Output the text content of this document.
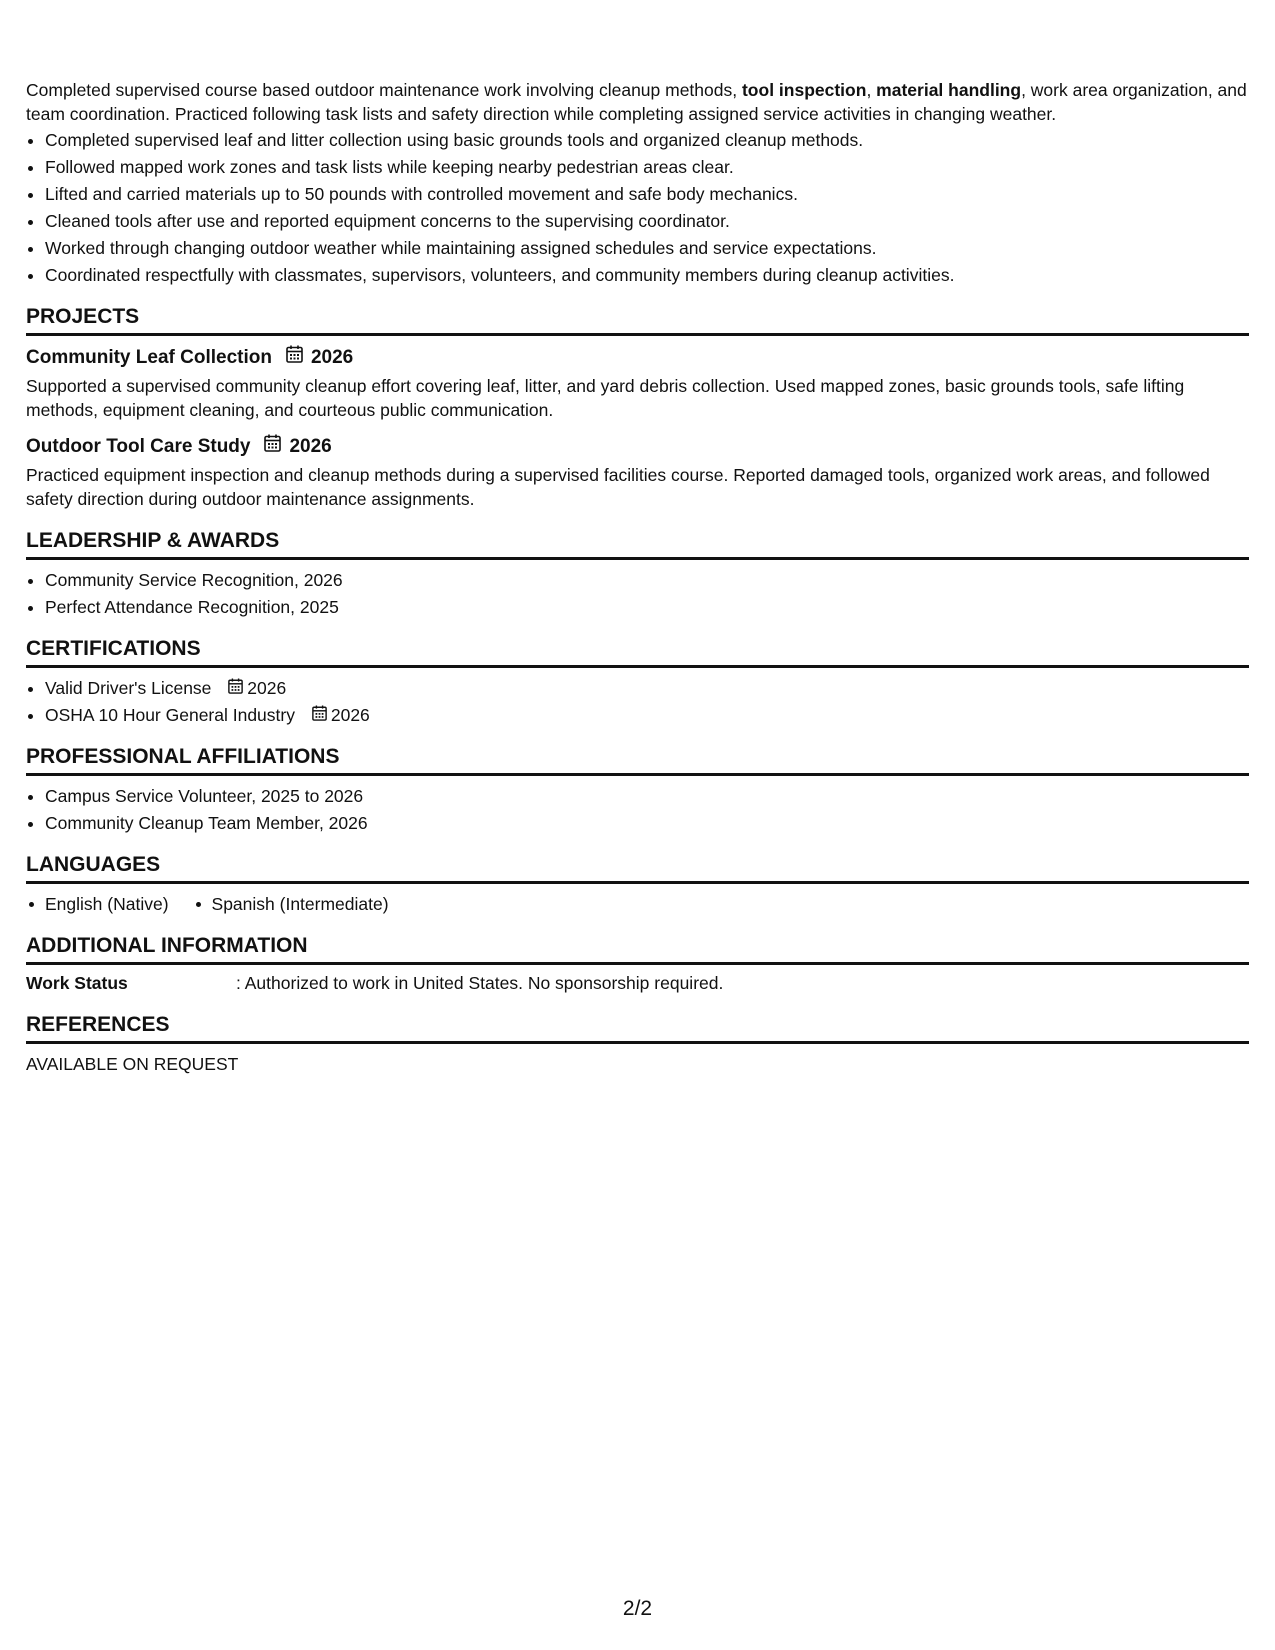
Completed supervised course based outdoor maintenance work involving cleanup methods, tool inspection, material handling, work area organization, and team coordination. Practiced following task lists and safety direction while completing assigned service activities in changing weather.

• Completed supervised leaf and litter collection using basic grounds tools and organized cleanup methods.
• Followed mapped work zones and task lists while keeping nearby pedestrian areas clear.
• Lifted and carried materials up to 50 pounds with controlled movement and safe body mechanics.
• Cleaned tools after use and reported equipment concerns to the supervising coordinator.
• Worked through changing outdoor weather while maintaining assigned schedules and service expectations.
• Coordinated respectfully with classmates, supervisors, volunteers, and community members during cleanup activities.
PROJECTS
Community Leaf Collection 2026
Supported a supervised community cleanup effort covering leaf, litter, and yard debris collection. Used mapped zones, basic grounds tools, safe lifting methods, equipment cleaning, and courteous public communication.
Outdoor Tool Care Study 2026
Practiced equipment inspection and cleanup methods during a supervised facilities course. Reported damaged tools, organized work areas, and followed safety direction during outdoor maintenance assignments.
LEADERSHIP & AWARDS
• Community Service Recognition, 2026
• Perfect Attendance Recognition, 2025
CERTIFICATIONS
• Valid Driver's License 2026
• OSHA 10 Hour General Industry 2026
PROFESSIONAL AFFILIATIONS
• Campus Service Volunteer, 2025 to 2026
• Community Cleanup Team Member, 2026
LANGUAGES
English (Native)	Spanish (Intermediate)
ADDITIONAL INFORMATION
Work Status	: Authorized to work in United States. No sponsorship required.
REFERENCES
AVAILABLE ON REQUEST
2/2
